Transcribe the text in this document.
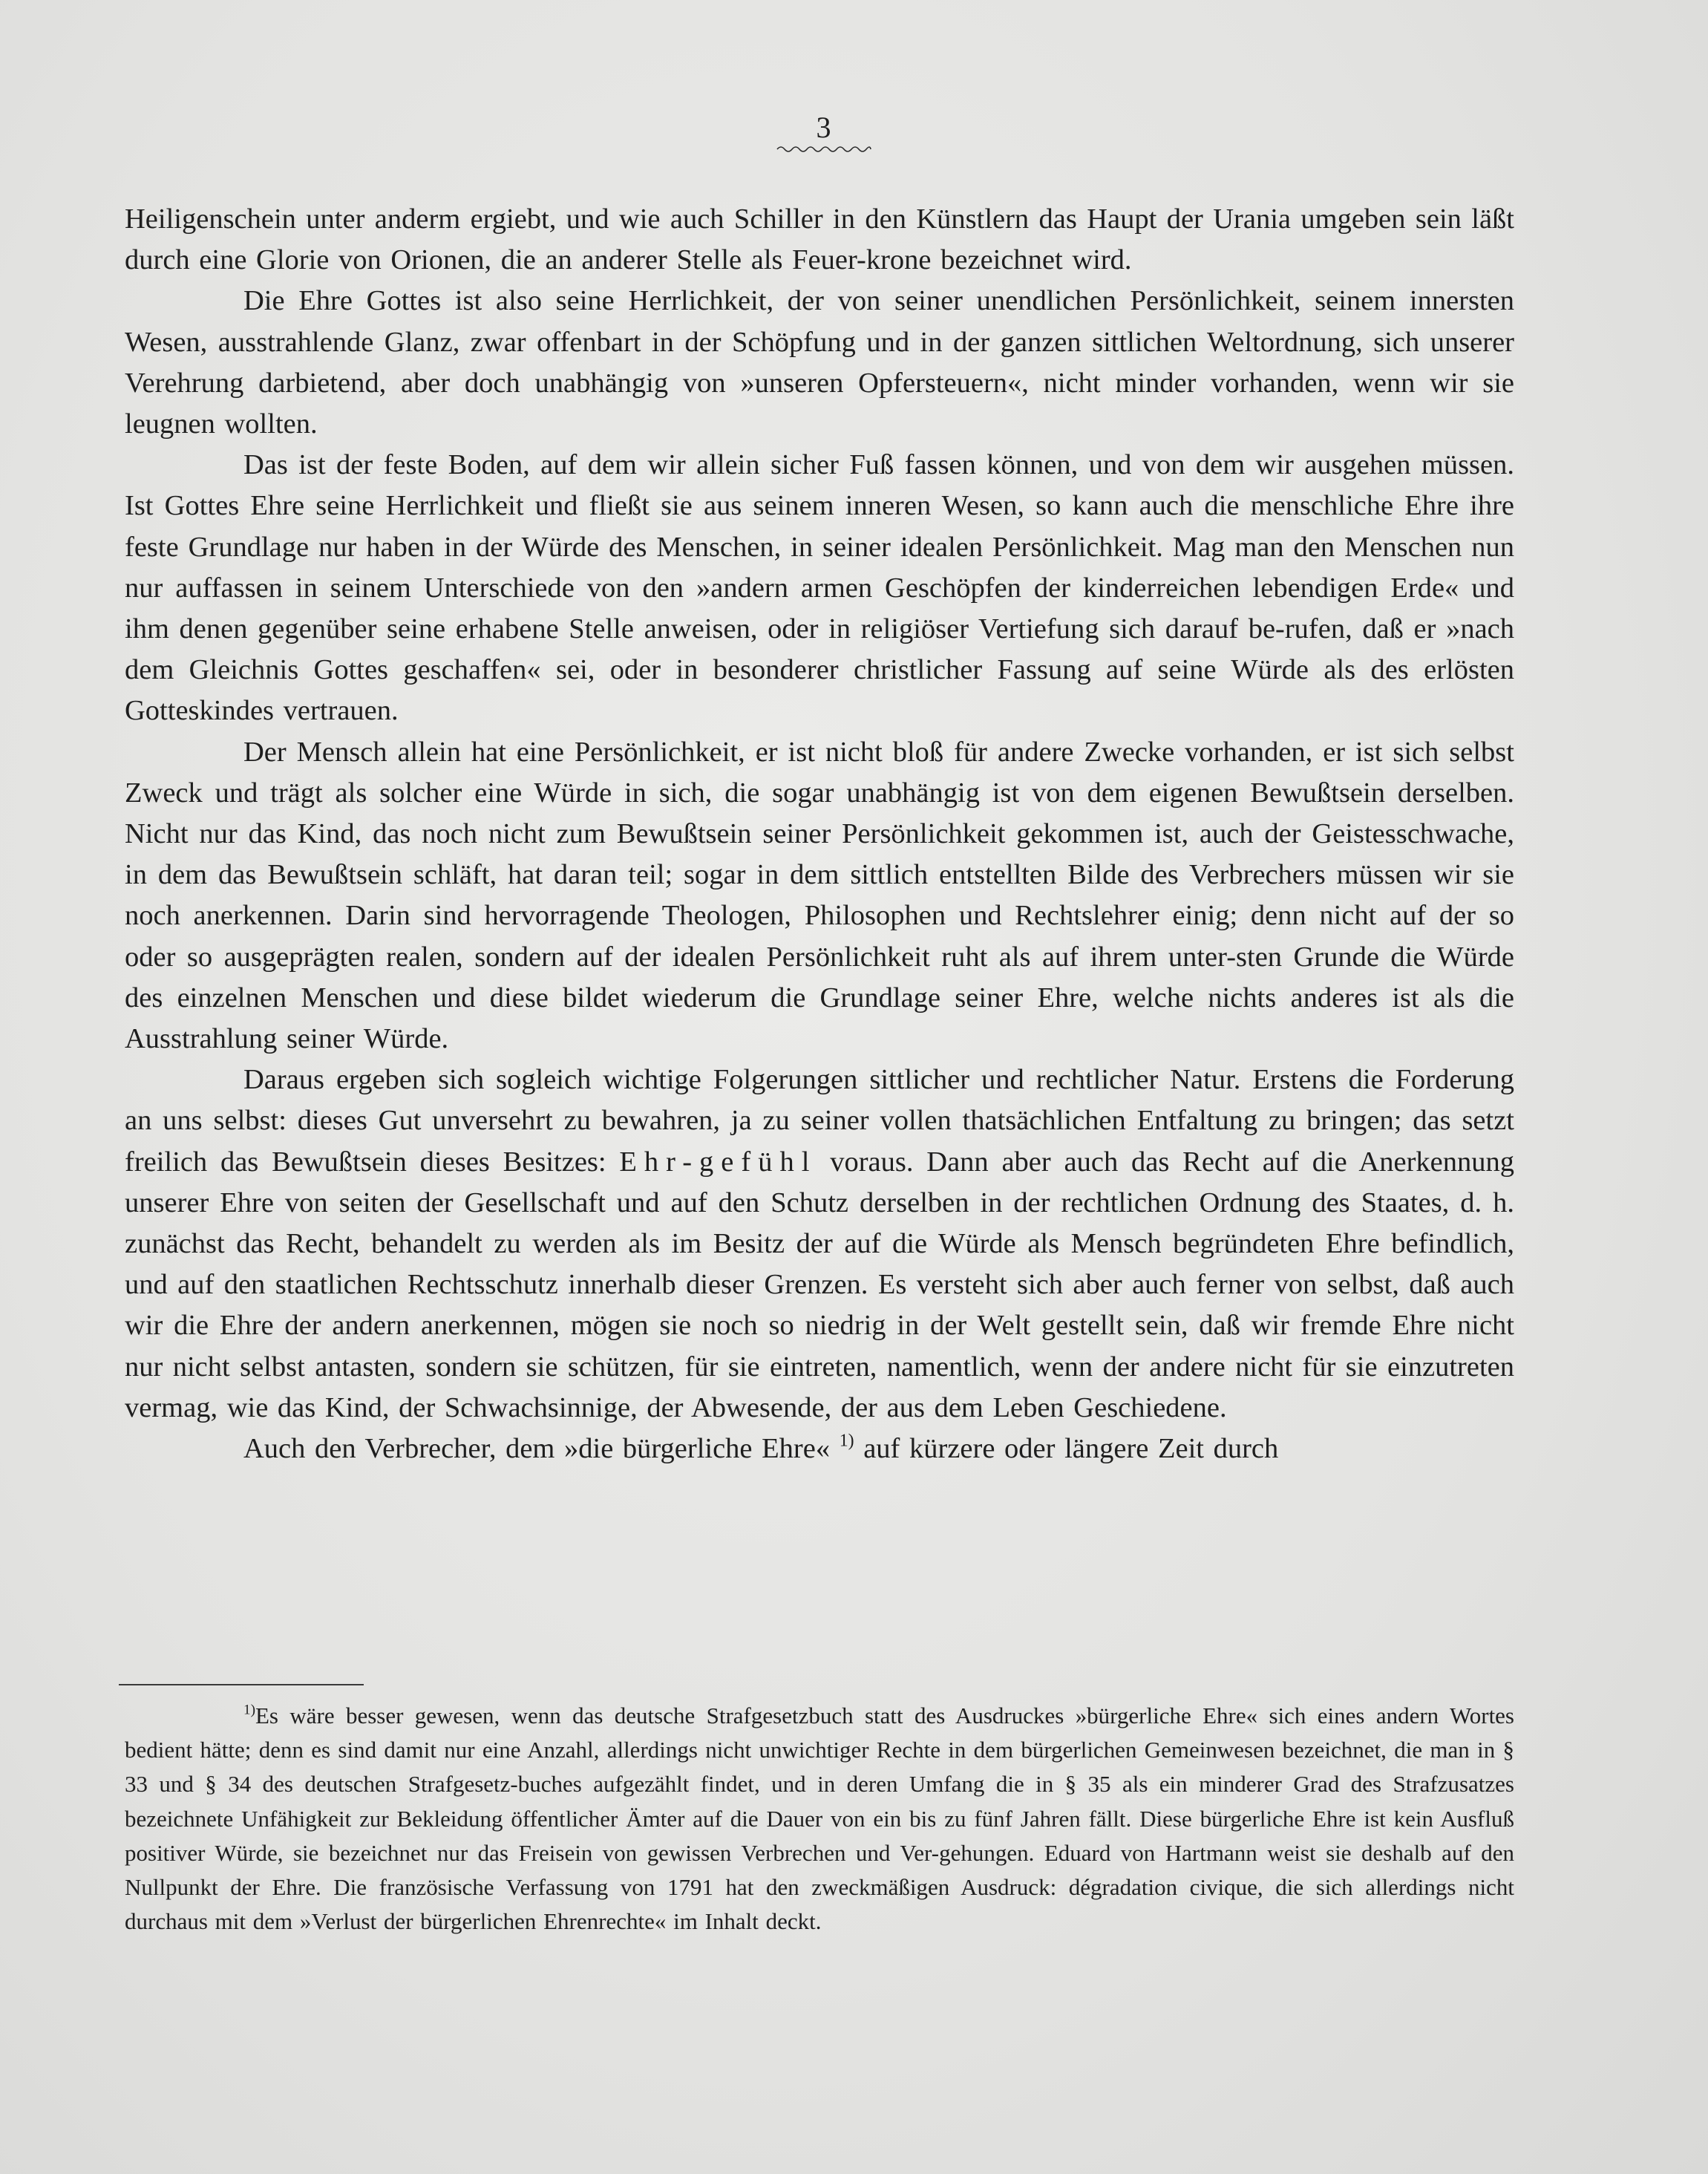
3

Heiligenschein unter anderm ergiebt, und wie auch Schiller in den Künstlern das Haupt der Urania umgeben sein läßt durch eine Glorie von Orionen, die an anderer Stelle als Feuer-krone bezeichnet wird.

Die Ehre Gottes ist also seine Herrlichkeit, der von seiner unendlichen Persönlichkeit, seinem innersten Wesen, ausstrahlende Glanz, zwar offenbart in der Schöpfung und in der ganzen sittlichen Weltordnung, sich unserer Verehrung darbietend, aber doch unabhängig von »unseren Opfersteuern«, nicht minder vorhanden, wenn wir sie leugnen wollten.

Das ist der feste Boden, auf dem wir allein sicher Fuß fassen können, und von dem wir ausgehen müssen. Ist Gottes Ehre seine Herrlichkeit und fließt sie aus seinem inneren Wesen, so kann auch die menschliche Ehre ihre feste Grundlage nur haben in der Würde des Menschen, in seiner idealen Persönlichkeit. Mag man den Menschen nun nur auffassen in seinem Unterschiede von den »andern armen Geschöpfen der kinderreichen lebendigen Erde« und ihm denen gegenüber seine erhabene Stelle anweisen, oder in religiöser Vertiefung sich darauf be-rufen, daß er »nach dem Gleichnis Gottes geschaffen« sei, oder in besonderer christlicher Fassung auf seine Würde als des erlösten Gotteskindes vertrauen.

Der Mensch allein hat eine Persönlichkeit, er ist nicht bloß für andere Zwecke vorhanden, er ist sich selbst Zweck und trägt als solcher eine Würde in sich, die sogar unabhängig ist von dem eigenen Bewußtsein derselben. Nicht nur das Kind, das noch nicht zum Bewußtsein seiner Persönlichkeit gekommen ist, auch der Geistesschwache, in dem das Bewußtsein schläft, hat daran teil; sogar in dem sittlich entstellten Bilde des Verbrechers müssen wir sie noch anerkennen. Darin sind hervorragende Theologen, Philosophen und Rechtslehrer einig; denn nicht auf der so oder so ausgeprägten realen, sondern auf der idealen Persönlichkeit ruht als auf ihrem unter-sten Grunde die Würde des einzelnen Menschen und diese bildet wiederum die Grundlage seiner Ehre, welche nichts anderes ist als die Ausstrahlung seiner Würde.

Daraus ergeben sich sogleich wichtige Folgerungen sittlicher und rechtlicher Natur. Erstens die Forderung an uns selbst: dieses Gut unversehrt zu bewahren, ja zu seiner vollen thatsächlichen Entfaltung zu bringen; das setzt freilich das Bewußtsein dieses Besitzes: Ehr-gefühl voraus. Dann aber auch das Recht auf die Anerkennung unserer Ehre von seiten der Gesellschaft und auf den Schutz derselben in der rechtlichen Ordnung des Staates, d. h. zunächst das Recht, behandelt zu werden als im Besitz der auf die Würde als Mensch begründeten Ehre befindlich, und auf den staatlichen Rechtsschutz innerhalb dieser Grenzen. Es versteht sich aber auch ferner von selbst, daß auch wir die Ehre der andern anerkennen, mögen sie noch so niedrig in der Welt gestellt sein, daß wir fremde Ehre nicht nur nicht selbst antasten, sondern sie schützen, für sie eintreten, namentlich, wenn der andere nicht für sie einzutreten vermag, wie das Kind, der Schwachsinnige, der Abwesende, der aus dem Leben Geschiedene.

Auch den Verbrecher, dem »die bürgerliche Ehre« $^{1)}$ auf kürzere oder längere Zeit durch

$^{1)}$Es wäre besser gewesen, wenn das deutsche Strafgesetzbuch statt des Ausdruckes »bürgerliche Ehre« sich eines andern Wortes bedient hätte; denn es sind damit nur eine Anzahl, allerdings nicht unwichtiger Rechte in dem bürgerlichen Gemeinwesen bezeichnet, die man in § 33 und § 34 des deutschen Strafgesetz-buches aufgezählt findet, und in deren Umfang die in § 35 als ein minderer Grad des Strafzusatzes bezeichnete Unfähigkeit zur Bekleidung öffentlicher Ämter auf die Dauer von ein bis zu fünf Jahren fällt. Diese bürgerliche Ehre ist kein Ausfluß positiver Würde, sie bezeichnet nur das Freisein von gewissen Verbrechen und Ver-gehungen. Eduard von Hartmann weist sie deshalb auf den Nullpunkt der Ehre. Die französische Verfassung von 1791 hat den zweckmäßigen Ausdruck: dégradation civique, die sich allerdings nicht durchaus mit dem »Verlust der bürgerlichen Ehrenrechte« im Inhalt deckt.
